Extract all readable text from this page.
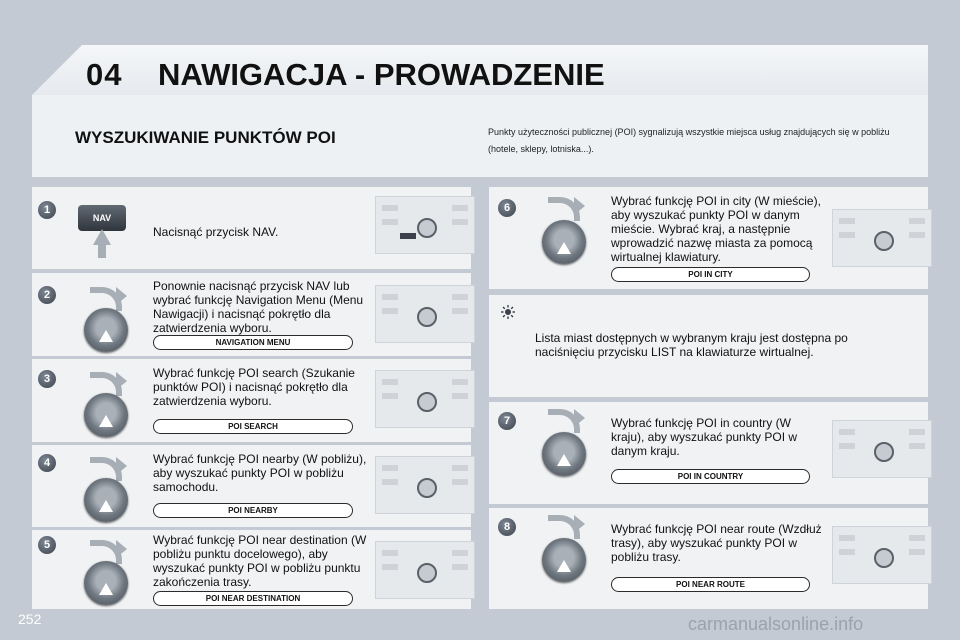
04 NAWIGACJA - PROWADZENIE
WYSZUKIWANIE PUNKTÓW POI	Punkty użyteczności publicznej (POI) sygnalizują wszystkie miejsca usług znajdujących się w pobliżu (hotele, sklepy, lotniska...).
1
NAV
Nacisnąć przycisk NAV.
2
Ponownie nacisnąć przycisk NAV lub wybrać funkcję Navigation Menu (Menu Nawigacji) i nacisnąć pokrętło dla zatwierdzenia wyboru.
NAVIGATION MENU
3	Wybrać funkcję POI search (Szukanie punktów POI) i nacisnąć pokrętło dla zatwierdzenia wyboru.
POI SEARCH
4	Wybrać funkcję POI nearby (W pobliżu), aby wyszukać punkty POI w pobliżu samochodu.
POI NEARBY
5	Wybrać funkcję POI near destination (W pobliżu punktu docelowego), aby wyszukać punkty POI w pobliżu punktu zakończenia trasy.
POI NEAR DESTINATION
6	Wybrać funkcję POI in city (W mieście), aby wyszukać punkty POI w danym mieście. Wybrać kraj, a następnie wprowadzić nazwę miasta za pomocą wirtualnej klawiatury.
POI IN CITY
Lista miast dostępnych w wybranym kraju jest dostępna po naciśnięciu przycisku LIST na klawiaturze wirtualnej.
7	Wybrać funkcję POI in country (W kraju), aby wyszukać punkty POI w danym kraju.
POI IN COUNTRY
8	Wybrać funkcję POI near route (Wzdłuż trasy), aby wyszukać punkty POI w pobliżu trasy.
POI NEAR ROUTE
252	carmanualsonline.info
